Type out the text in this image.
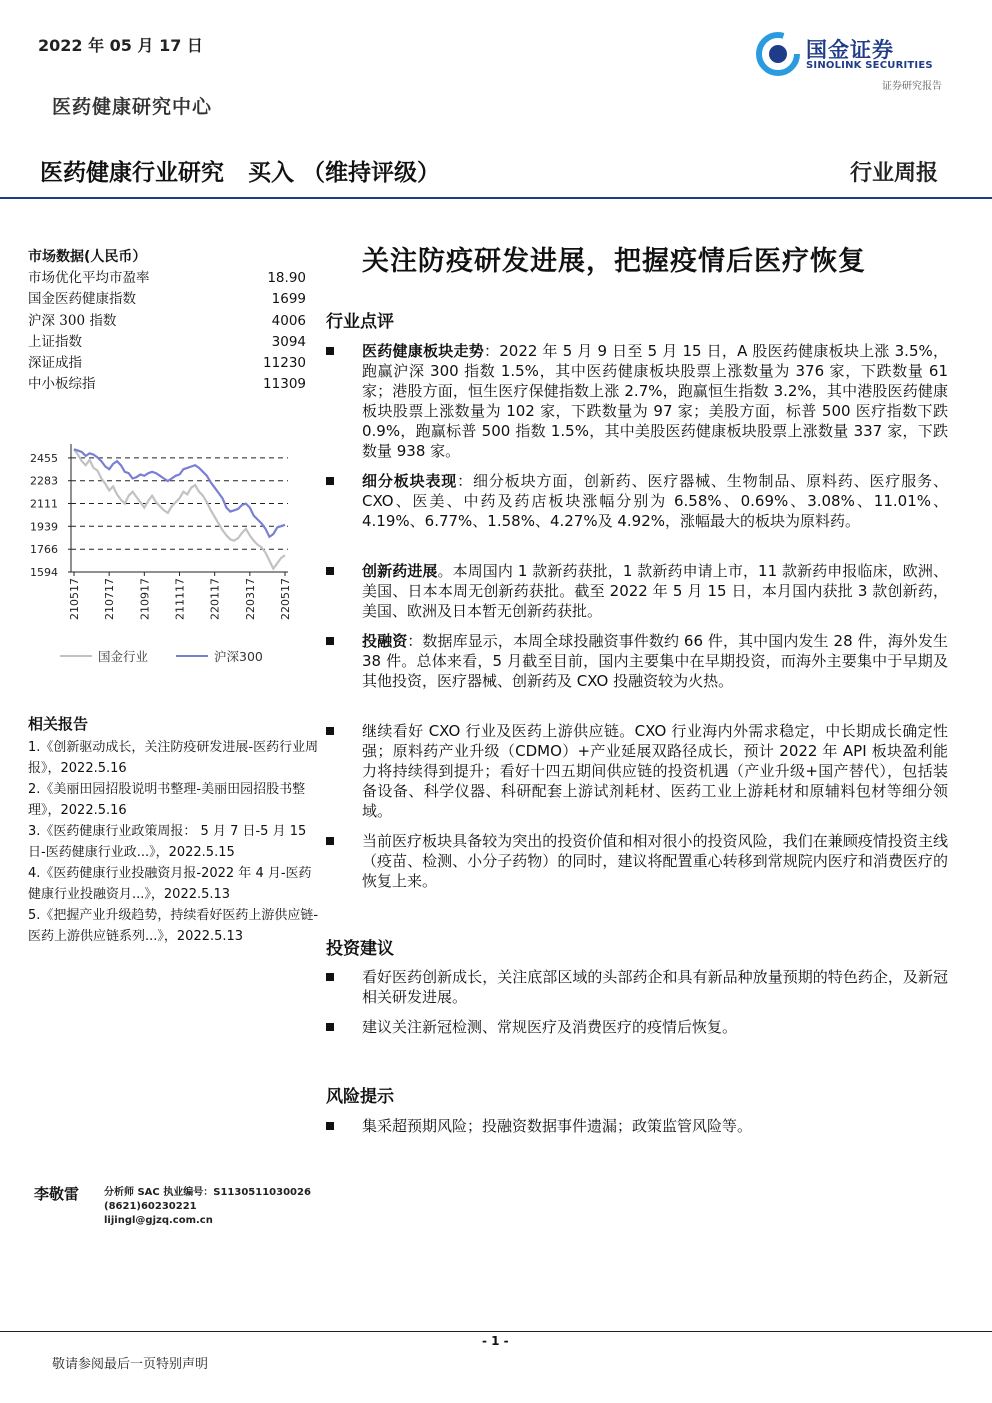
2022 年 05 月 17 日
医药健康研究中心
国金证券
SINOLINK SECURITIES
证券研究报告
医药健康行业研究   买入 （维持评级）	行业周报
市场数据(人民币）
市场优化平均市盈率	18.90
国金医药健康指数	1699
沪深 300 指数	4006
上证指数	3094
深证成指	11230
中小板综指	11309
2455
2283
2111
1939
1766
1594
210517 210717 210917 211117 220117 220317 220517
国金行业	沪深300
相关报告
1.《创新驱动成长，关注防疫研发进展-医药行业周报》，2022.5.16
2.《美丽田园招股说明书整理-美丽田园招股书整理》，2022.5.16
3.《医药健康行业政策周报： 5 月 7 日-5 月 15 日-医药健康行业政...》，2022.5.15
4.《医药健康行业投融资月报-2022 年 4 月-医药健康行业投融资月...》，2022.5.13
5.《把握产业升级趋势，持续看好医药上游供应链-医药上游供应链系列...》，2022.5.13
关注防疫研发进展，把握疫情后医疗恢复
行业点评
投资建议
风险提示
李敬雷 分析师 SAC 执业编号：S1130511030026
(8621)60230221
lijingl@gjzq.com.cn
- 1 -
敬请参阅最后一页特别声明
医药健康板块走势：2022 年 5 月 9 日至 5 月 15 日，A 股医药健康板块上涨 3.5%，跑赢沪深 300 指数 1.5%，其中医药健康板块股票上涨数量为 376 家，下跌数量 61 家；港股方面，恒生医疗保健指数上涨 2.7%，跑赢恒生指数 3.2%，其中港股医药健康板块股票上涨数量为 102 家，下跌数量为 97 家；美股方面，标普 500 医疗指数下跌 0.9%，跑赢标普 500 指数 1.5%，其中美股医药健康板块股票上涨数量 337 家，下跌数量 938 家。
细分板块表现：细分板块方面，创新药、医疗器械、生物制品、原料药、医疗服务、CXO、医美、中药及药店板块涨幅分别为 6.58%、0.69%、3.08%、11.01%、4.19%、6.77%、1.58%、4.27%及 4.92%，涨幅最大的板块为原料药。
创新药进展。本周国内 1 款新药获批，1 款新药申请上市，11 款新药申报临床，欧洲、美国、日本本周无创新药获批。截至 2022 年 5 月 15 日，本月国内获批 3 款创新药，美国、欧洲及日本暂无创新药获批。
投融资：数据库显示，本周全球投融资事件数约 66 件，其中国内发生 28 件，海外发生 38 件。总体来看，5 月截至目前，国内主要集中在早期投资，而海外主要集中于早期及其他投资，医疗器械、创新药及 CXO 投融资较为火热。
继续看好 CXO 行业及医药上游供应链。CXO 行业海内外需求稳定，中长期成长确定性强；原料药产业升级（CDMO）+产业延展双路径成长，预计 2022 年 API 板块盈利能力将持续得到提升；看好十四五期间供应链的投资机遇（产业升级+国产替代），包括装备设备、科学仪器、科研配套上游试剂耗材、医药工业上游耗材和原辅料包材等细分领域。
当前医疗板块具备较为突出的投资价值和相对很小的投资风险，我们在兼顾疫情投资主线（疫苗、检测、小分子药物）的同时，建议将配置重心转移到常规院内医疗和消费医疗的恢复上来。
看好医药创新成长，关注底部区域的头部药企和具有新品种放量预期的特色药企，及新冠相关研发进展。
建议关注新冠检测、常规医疗及消费医疗的疫情后恢复。
集采超预期风险；投融资数据事件遗漏；政策监管风险等。
